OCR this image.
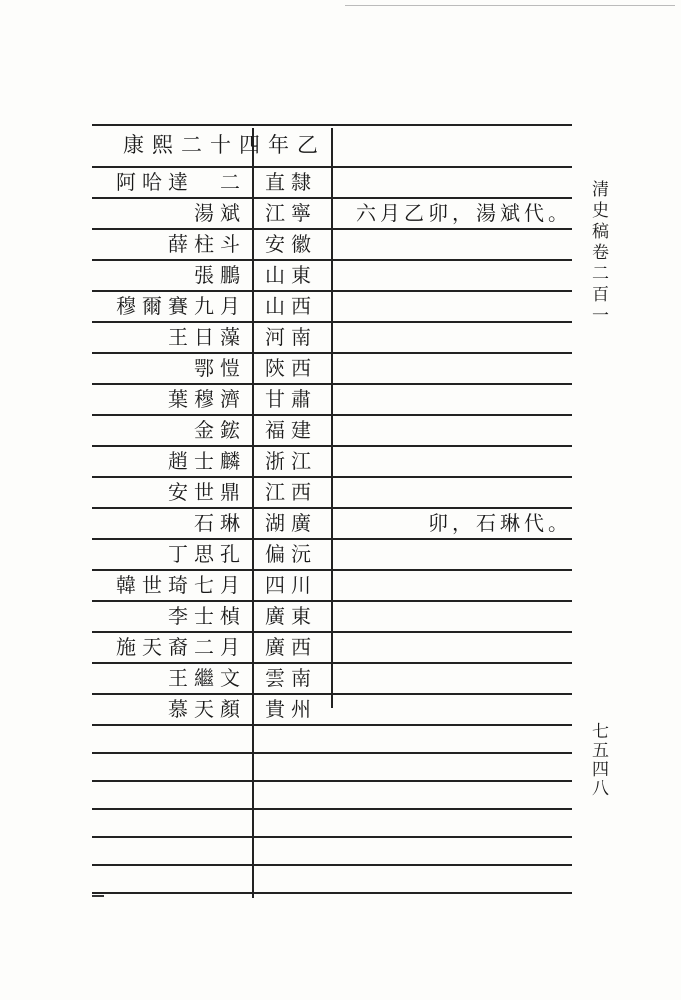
康熙二十四年乙
阿哈達　二 直隸
湯斌 江寧	六月乙卯，湯斌代。
薛柱斗 安徽
張鵬 山東
穆爾賽九月 山西
王日藻 河南
鄂愷 陝西
葉穆濟 甘肅
金鋐 福建
趙士麟 浙江
安世鼎 江西
石琳 湖廣	卯，石琳代。
丁思孔 偏沅
韓世琦七月 四川
李士楨 廣東
施天裔二月 廣西
王繼文 雲南
慕天顏 貴州
清史稿卷二百一
七五四八
